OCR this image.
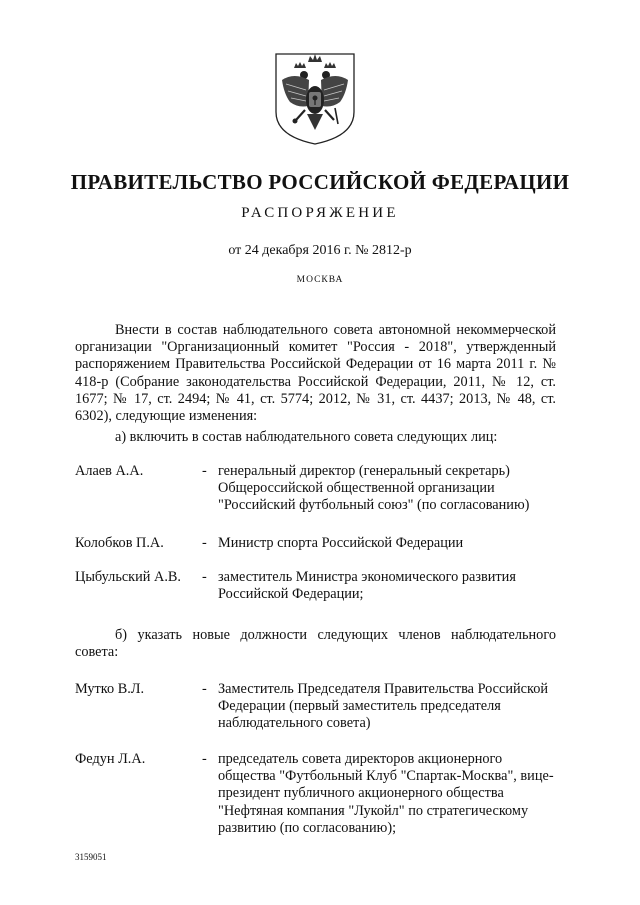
ПРАВИТЕЛЬСТВО РОССИЙСКОЙ ФЕДЕРАЦИИ
РАСПОРЯЖЕНИЕ
от 24 декабря 2016 г. № 2812-р
МОСКВА

Внести в состав наблюдательного совета автономной некоммерческой организации "Организационный комитет "Россия - 2018", утвержденный распоряжением Правительства Российской Федерации от 16 марта 2011 г. № 418-р (Собрание законодательства Российской Федерации, 2011, № 12, ст. 1677; № 17, ст. 2494; № 41, ст. 5774; 2012, № 31, ст. 4437; 2013, № 48, ст. 6302), следующие изменения:

а) включить в состав наблюдательного совета следующих лиц:

Алаев А.А.	- генеральный директор (генеральный секретарь) Общероссийской общественной организации "Российский футбольный союз" (по согласованию)
Колобков П.А.	- Министр спорта Российской Федерации
Цыбульский А.В. - заместитель Министра экономического развития Российской Федерации;

б) указать новые должности следующих членов наблюдательного совета:

Мутко В.Л.	- Заместитель Председателя Правительства Российской Федерации (первый заместитель председателя наблюдательного совета)
Федун Л.А.	- председатель совета директоров акционерного общества "Футбольный Клуб "Спартак-Москва", вице-президент публичного акционерного общества "Нефтяная компания "Лукойл" по стратегическому развитию (по согласованию);
3159051
